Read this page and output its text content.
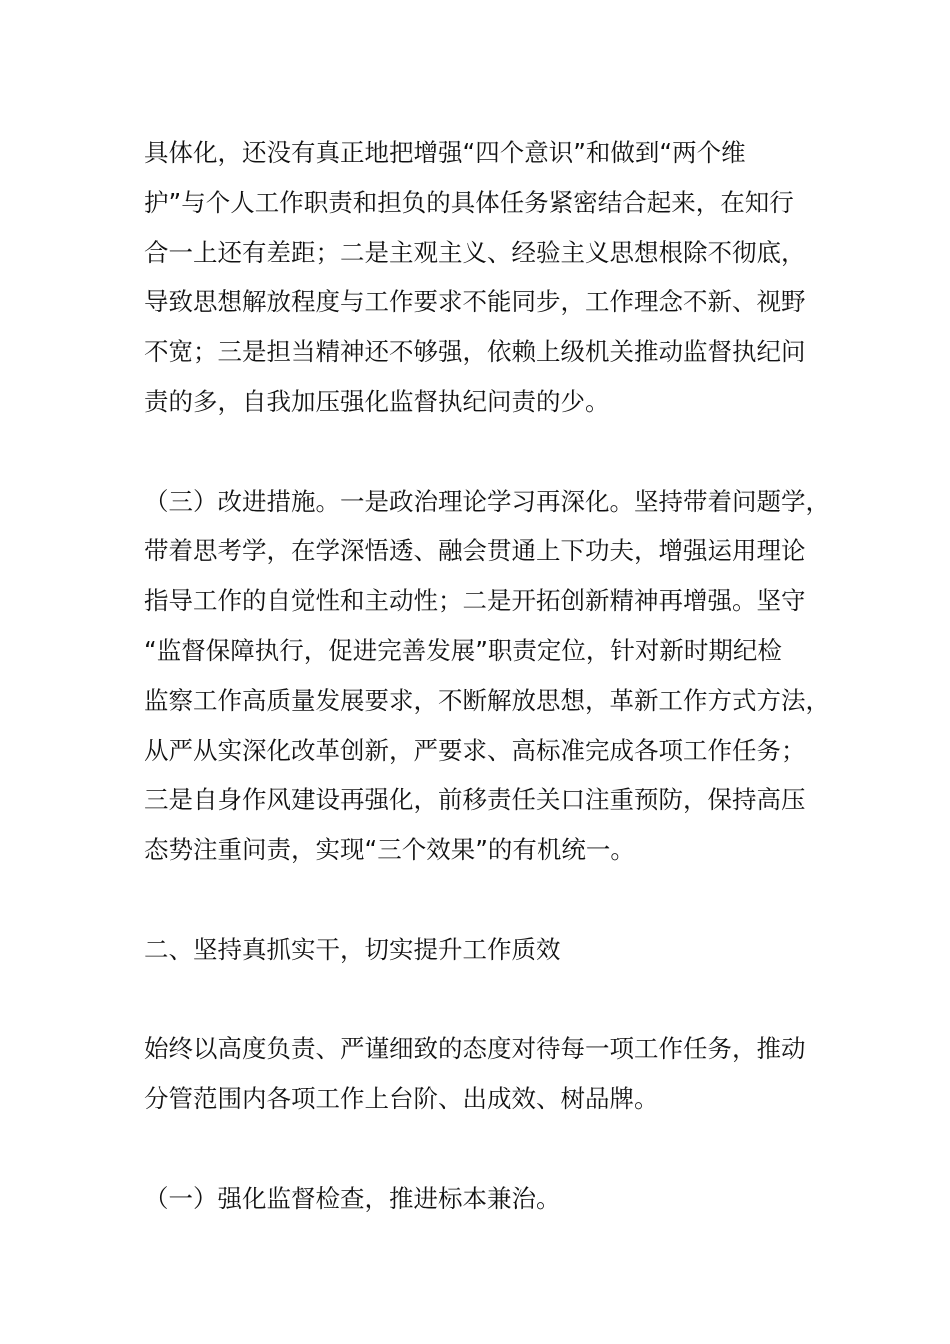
具体化，还没有真正地把增强“四个意识”和做到“两个维
护”与个人工作职责和担负的具体任务紧密结合起来，在知行
合一上还有差距；二是主观主义、经验主义思想根除不彻底，
导致思想解放程度与工作要求不能同步，工作理念不新、视野
不宽；三是担当精神还不够强，依赖上级机关推动监督执纪问
责的多，自我加压强化监督执纪问责的少。

（三）改进措施。一是政治理论学习再深化。坚持带着问题学，
带着思考学，在学深悟透、融会贯通上下功夫，增强运用理论
指导工作的自觉性和主动性；二是开拓创新精神再增强。坚守
“监督保障执行，促进完善发展”职责定位，针对新时期纪检
监察工作高质量发展要求，不断解放思想，革新工作方式方法，
从严从实深化改革创新，严要求、高标准完成各项工作任务；
三是自身作风建设再强化，前移责任关口注重预防，保持高压
态势注重问责，实现“三个效果”的有机统一。

二、坚持真抓实干，切实提升工作质效

始终以高度负责、严谨细致的态度对待每一项工作任务，推动
分管范围内各项工作上台阶、出成效、树品牌。

（一）强化监督检查，推进标本兼治。
